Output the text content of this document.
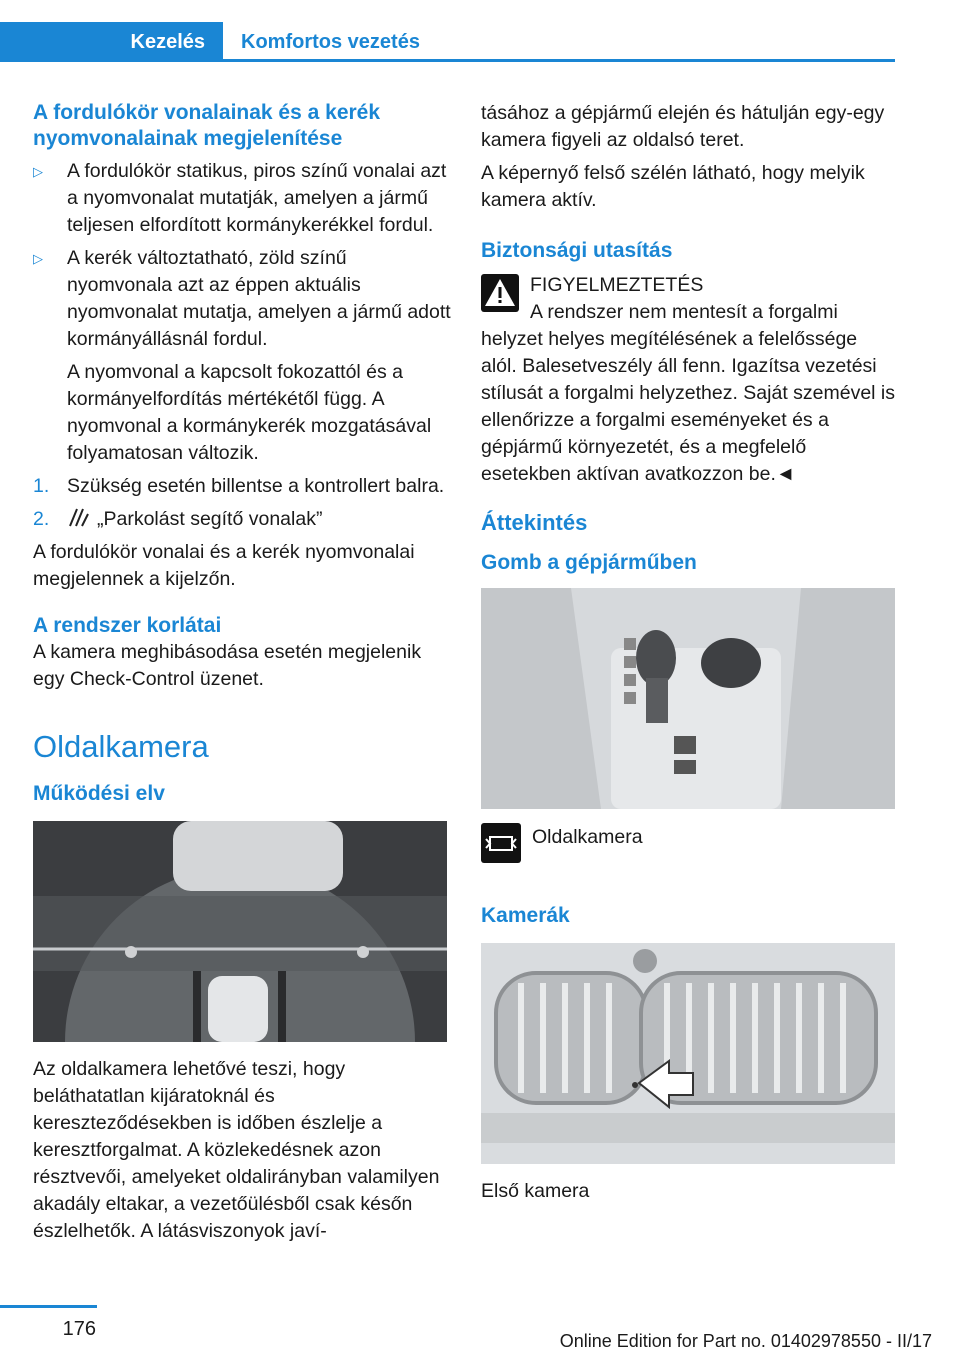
Kezelés	Komfortos vezetés
A fordulókör vonalainak és a kerék nyomvonalainak megjelenítése
▷ A fordulókör statikus, piros színű vonalai azt a nyomvonalat mutatják, amelyen a jármű teljesen elfordított kormánykerékkel fordul.
▷ A kerék változtatható, zöld színű nyomvonala azt az éppen aktuális nyomvonalat mutatja, amelyen a jármű adott kormányállásnál fordul.
A nyomvonal a kapcsolt fokozattól és a kormányelfordítás mértékétől függ. A nyomvonal a kormánykerék mozgatásával folyamatosan változik.
1. Szükség esetén billentse a kontrollert balra.
2. „Parkolást segítő vonalak”
A fordulókör vonalai és a kerék nyomvonalai megjelennek a kijelzőn.
A rendszer korlátai
A kamera meghibásodása esetén megjelenik egy Check-Control üzenet.
Oldalkamera
Működési elv
Az oldalkamera lehetővé teszi, hogy beláthatatlan kijáratoknál és kereszteződésekben is időben észlelje a keresztforgalmat. A közlekedésnek azon résztvevői, amelyeket oldalirányban valamilyen akadály eltakar, a vezetőülésből csak későn észlelhetők. A látásviszonyok javí-
tásához a gépjármű elején és hátulján egy-egy kamera figyeli az oldalsó teret.
A képernyő felső szélén látható, hogy melyik kamera aktív.
Biztonsági utasítás
FIGYELMEZTETÉS
A rendszer nem mentesít a forgalmi helyzet helyes megítélésének a felelőssége alól. Balesetveszély áll fenn. Igazítsa vezetési stílusát a forgalmi helyzethez. Saját szemével is ellenőrizze a forgalmi eseményeket és a gépjármű környezetét, és a megfelelő esetekben aktívan avatkozzon be.◄
Áttekintés
Gomb a gépjárműben
Oldalkamera
Kamerák
Első kamera
176
Online Edition for Part no. 01402978550 - II/17
